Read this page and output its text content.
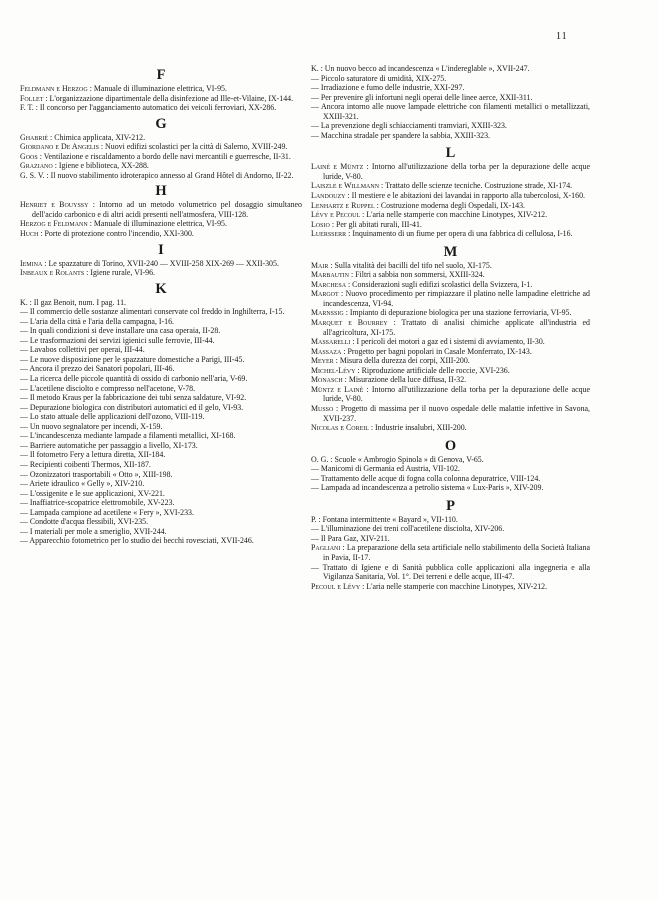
11
F
Feldmann e Herzog : Manuale di illuminazione elettrica, VI-95.
Follet : L'organizzazione dipartimentale della disinfezione ad Ille-et-Vilaine, IX-144.
F. T. : Il concorso per l'agganciamento automatico dei veicoli ferroviari, XX-286.
G
Ghabriè : Chimica applicata, XIV-212.
Giordano e De Angelis : Nuovi edifizi scolastici per la città di Salerno, XVIII-249.
Goos : Ventilazione e riscaldamento a bordo delle navi mercantili e guerresche, II-31.
Graziano : Igiene e biblioteca, XX-288.
G. S. V. : Il nuovo stabilimento idroterapico annesso al Grand Hôtel di Andorno, II-22.
H
Henriet e Bouyssy : Intorno ad un metodo volumetrico pel dosaggio simultaneo dell'acido carbonico e di altri acidi presenti nell'atmosfera, VIII-128.
Herzog e Feldmann : Manuale di illuminazione elettrica, VI-95.
Huch : Porte di protezione contro l'incendio, XXI-300.
I
Iemina : Le spazzature di Torino, XVII-240 — XVIII-258 XIX-269 — XXII-305.
Inbeaux e Rolants : Igiene rurale, VI-96.
K
K. : Il gaz Benoit, num. I pag. 11.
— Il commercio delle sostanze alimentari conservate col freddo in Inghilterra, I-15.
— L'aria della città e l'aria della campagna, I-16.
— In quali condizioni si deve installare una casa operaia, II-28.
— Le trasformazioni dei servizi igienici sulle ferrovie, III-44.
— Lavabos collettivi per operai, III-44.
— Le nuove disposizione per le spazzature domestiche a Parigi, III-45.
— Ancora il prezzo dei Sanatori popolari, III-46.
— La ricerca delle piccole quantità di ossido di carbonio nell'aria, V-69.
— L'acetilene disciolto e compresso nell'acetone, V-78.
— Il metodo Kraus per la fabbricazione dei tubi senza saldature, VI-92.
— Depurazione biologica con distributori automatici ed il gelo, VI-93.
— Lo stato attuale delle applicazioni dell'ozono, VIII-119.
— Un nuovo segnalatore per incendi, X-159.
— L'incandescenza mediante lampade a filamenti metallici, XI-168.
— Barriere automatiche per passaggio a livello, XI-173.
— Il fotometro Fery a lettura diretta, XII-184.
— Recipienti coibenti Thermos, XII-187.
— Ozonizzatori trasportabili « Otto », XIII-198.
— Ariete idraulico « Gelly », XIV-210.
— L'ossigenite e le sue applicazioni, XV-221.
— Inaffiatrice-scopatrice elettromobile, XV-223.
— Lampada campione ad acetilene « Fery », XVI-233.
— Condotte d'acqua flessibili, XVI-235.
— I materiali per mole a smeriglio, XVII-244.
— Apparecchio fotometrico per lo studio dei becchi rovesciati, XVII-246.
K. : Un nuovo becco ad incandescenza « L'indereglable », XVII-247.
— Piccolo saturatore di umidità, XIX-275.
— Irradiazione e fumo delle industrie, XXI-297.
— Per prevenire gli infortuni negli operai delle linee aerce, XXII-311.
— Ancora intorno alle nuove lampade elettriche con filamenti metallici o metallizzati, XXIII-321.
— La prevenzione degli schiacciamenti tramviari, XXIII-323.
— Macchina stradale per spandere la sabbia, XXIII-323.
L
Lainè e Müntz : Intorno all'utilizzazione della torba per la depurazione delle acque luride, V-80.
Laiszle e Willmann : Trattato delle scienze tecniche. Costruzione strade, XI-174.
Landouzy : Il mestiere e le abitazioni dei lavandai in rapporto alla tubercolosi, X-160.
Lenhartz e Ruppel : Costruzione moderna degli Ospedali, IX-143.
Lévy e Pecoul : L'aria nelle stamperie con macchine Linotypes, XIV-212.
Losio : Per gli abitati rurali, III-41.
Luersserr : Inquinamento di un fiume per opera di una fabbrica di cellulosa, I-16.
M
Mair : Sulla vitalità dei bacilli del tifo nel suolo, XI-175.
Marbautin : Filtri a sabbia non sommersi, XXIII-324.
Marchesa : Considerazioni sugli edifizi scolastici della Svizzera, I-1.
Margot : Nuovo procedimento per rimpiazzare il platino nelle lampadine elettriche ad incandescenza, VI-94.
Marnssig : Impianto di depurazione biologica per una stazione ferroviaria, VI-95.
Marquet e Bourrey : Trattato di analisi chimiche applicate all'industria ed all'agricoltura, XI-175.
Massarelli : I pericoli dei motori a gaz ed i sistemi di avviamento, II-30.
Massaza : Progetto per bagni popolari in Casale Monferrato, IX-143.
Meyer : Misura della durezza dei corpi, XIII-200.
Michel-Lévy : Riproduzione artificiale delle roccie, XVI-236.
Monasch : Misurazione della luce diffusa, II-32.
Müntz e Lainè : Intorno all'utilizzazione della torba per la depurazione delle acque luride, V-80.
Musso : Progetto di massima per il nuovo ospedale delle malattie infettive in Savona, XVII-237.
Nicolas e Coreil : Industrie insalubri, XIII-200.
O
O. G. : Scuole « Ambrogio Spinola » di Genova, V-65.
— Manicomi di Germania ed Austria, VII-102.
— Trattamento delle acque di fogna colla colonna depuratrice, VIII-124.
— Lampada ad incandescenza a petrolio sistema « Lux-Paris », XIV-209.
P
P. : Fontana intermittente « Bayard », VII-110.
— L'illuminazione dei treni coll'acetilene disciolta, XIV-206.
— Il Para Gaz, XIV-211.
Pagliani : La preparazione della seta artificiale nello stabilimento della Società Italiana in Pavia, II-17.
— Trattato di Igiene e di Sanità pubblica colle applicazioni alla ingegneria e alla Vigilanza Sanitaria, Vol. 1°. Dei terreni e delle acque, III-47.
Pecoul e Lévy : L'aria nelle stamperie con macchine Linotypes, XIV-212.
